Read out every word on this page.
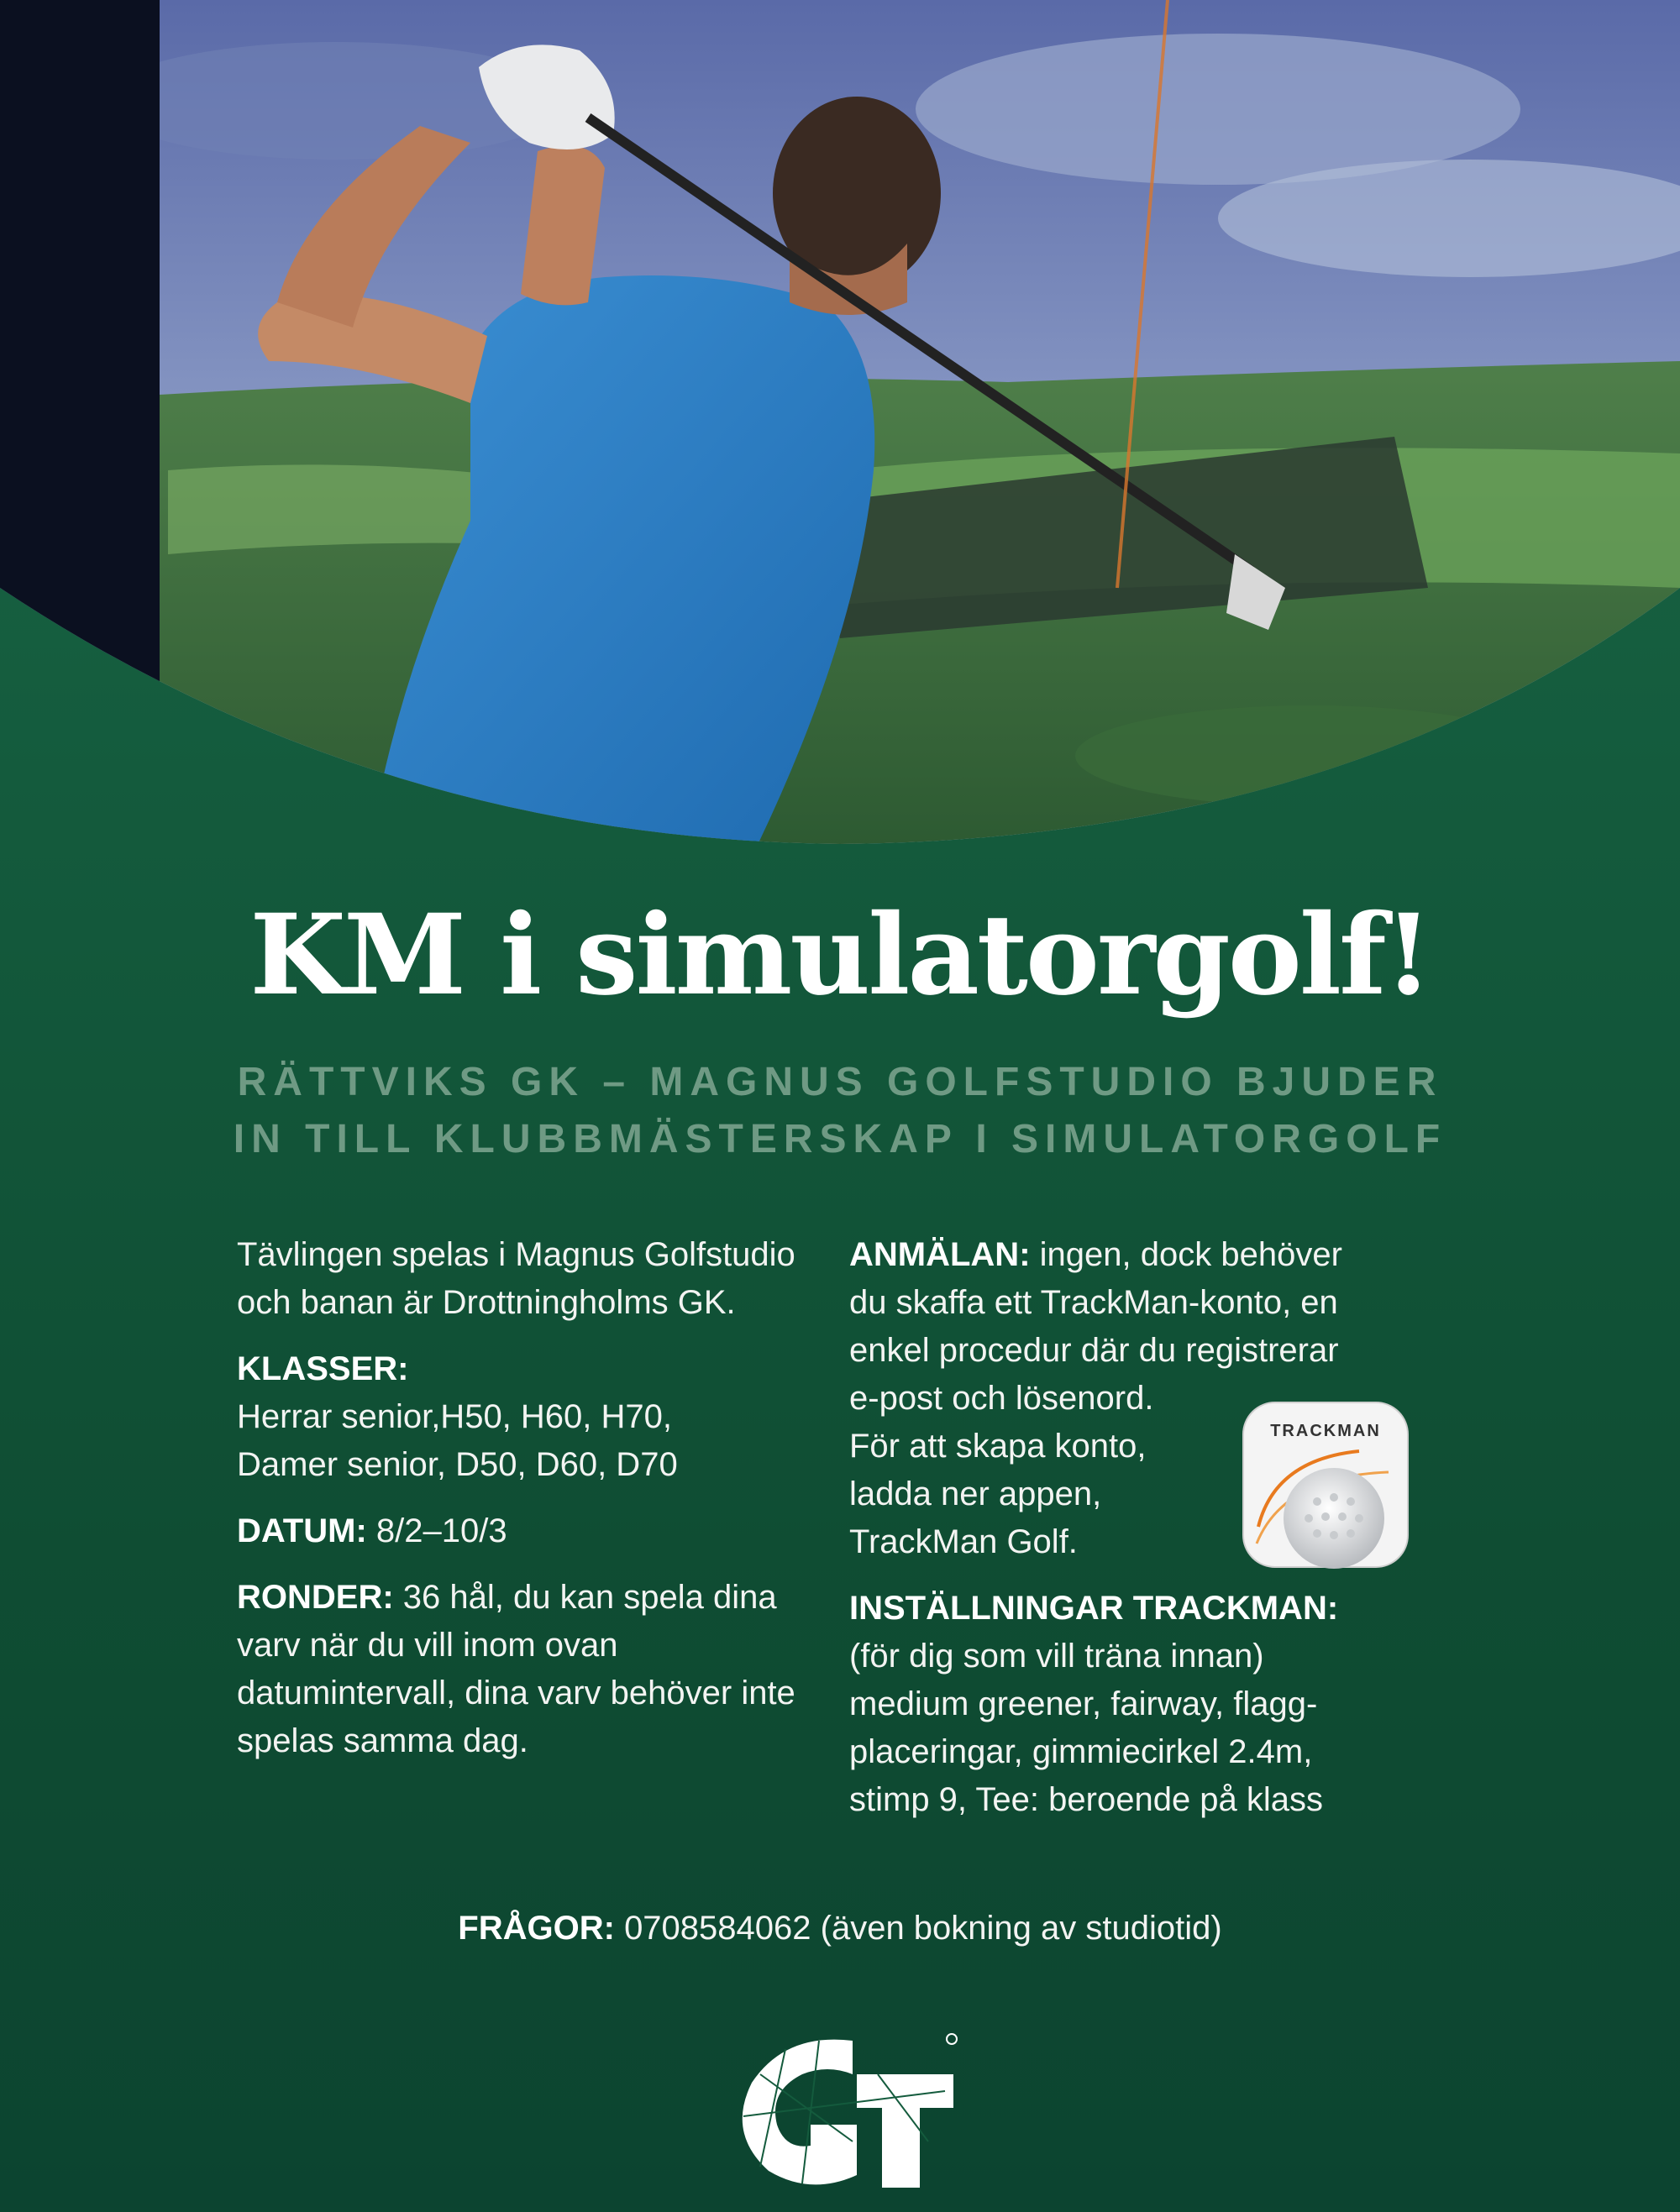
KM i simulatorgolf!
RÄTTVIKS GK – MAGNUS GOLFSTUDIO BJUDER
IN TILL KLUBBMÄSTERSKAP I SIMULATORGOLF

Tävlingen spelas i Magnus Golfstudio och banan är Drottningholms GK.

KLASSER:
Herrar senior,H50, H60, H70,
Damer senior, D50, D60, D70

DATUM: 8/2–10/3

RONDER: 36 hål, du kan spela dina varv när du vill inom ovan datumintervall, dina varv behöver inte spelas samma dag.

ANMÄLAN: ingen, dock behöver
du skaffa ett TrackMan-konto, en
enkel procedur där du registrerar
e-post och lösenord.
För att skapa konto,
ladda ner appen,
TrackMan Golf.

INSTÄLLNINGAR TRACKMAN:
(för dig som vill träna innan)
medium greener, fairway, flagg-
placeringar, gimmiecirkel 2.4m,
stimp 9, Tee: beroende på klass

TRACKMAN
FRÅGOR: 0708584062 (även bokning av studiotid)
